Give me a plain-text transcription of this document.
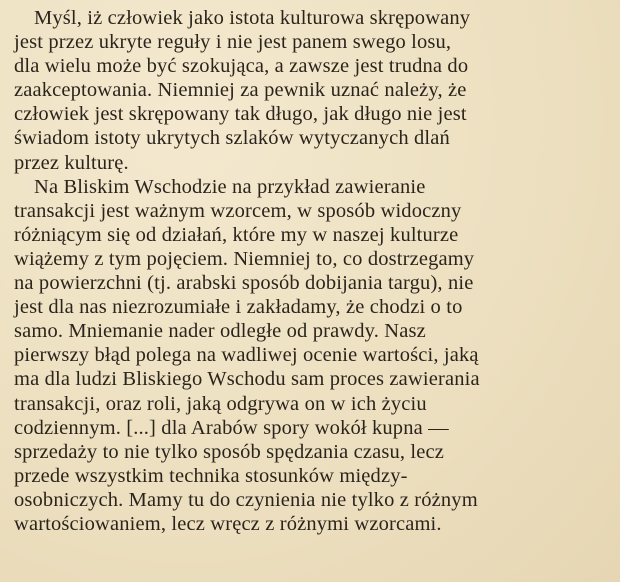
Myśl, iż człowiek jako istota kulturowa skrępowany
jest przez ukryte reguły i nie jest panem swego losu,
dla wielu może być szokująca, a zawsze jest trudna do
zaakceptowania. Niemniej za pewnik uznać należy, że
człowiek jest skrępowany tak długo, jak długo nie jest
świadom istoty ukrytych szlaków wytyczanych dlań
przez kulturę.
Na Bliskim Wschodzie na przykład zawieranie
transakcji jest ważnym wzorcem, w sposób widoczny
różniącym się od działań, które my w naszej kulturze
wiążemy z tym pojęciem. Niemniej to, co dostrzegamy
na powierzchni (tj. arabski sposób dobijania targu), nie
jest dla nas niezrozumiałe i zakładamy, że chodzi o to
samo. Mniemanie nader odległe od prawdy. Nasz
pierwszy błąd polega na wadliwej ocenie wartości, jaką
ma dla ludzi Bliskiego Wschodu sam proces zawierania
transakcji, oraz roli, jaką odgrywa on w ich życiu
codziennym. [...] dla Arabów spory wokół kupna —
sprzedaży to nie tylko sposób spędzania czasu, lecz
przede wszystkim technika stosunków między-
osobniczych. Mamy tu do czynienia nie tylko z różnym
wartościowaniem, lecz wręcz z różnymi wzorcami.
